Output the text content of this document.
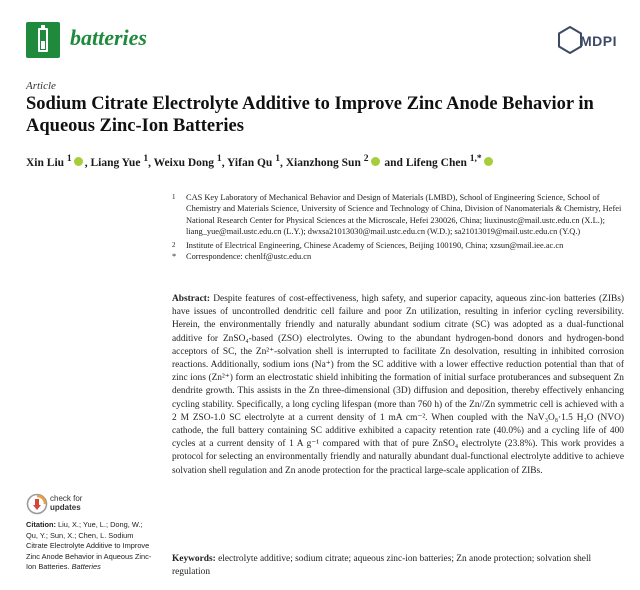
batteries	MDPI
Article
Sodium Citrate Electrolyte Additive to Improve Zinc Anode Behavior in Aqueous Zinc-Ion Batteries
Xin Liu $^1$ , Liang Yue $^1$, Weixu Dong $^1$, Yifan Qu $^1$, Xianzhong Sun $^2$ and Lifeng Chen $^{1,*}$
1 CAS Key Laboratory of Mechanical Behavior and Design of Materials (LMBD), School of Engineering Science, School of Chemistry and Materials Science, University of Science and Technology of China, Division of Nanomaterials & Chemistry, Hefei National Research Center for Physical Sciences at the Microscale, Hefei 230026, China; liuxinustc@mail.ustc.edu.cn (X.L.); liang_yue@mail.ustc.edu.cn (L.Y.); dwxsa21013030@mail.ustc.edu.cn (W.D.); sa21013019@mail.ustc.edu.cn (Y.Q.)
2 Institute of Electrical Engineering, Chinese Academy of Sciences, Beijing 100190, China; xzsun@mail.iee.ac.cn
* Correspondence: chenlf@ustc.edu.cn
Abstract: Despite features of cost-effectiveness, high safety, and superior capacity, aqueous zinc-ion batteries (ZIBs) have issues of uncontrolled dendritic cell failure and poor Zn utilization, resulting in inferior cycling reversibility. Herein, the environmentally friendly and naturally abundant sodium citrate (SC) was adopted as a dual-functional additive for ZnSO₄-based (ZSO) electrolytes. Owing to the abundant hydrogen-bond donors and hydrogen-bond acceptors of SC, the Zn²⁺-solvation shell is interrupted to facilitate Zn desolvation, resulting in inhibited corrosion reactions. Additionally, sodium ions (Na⁺) from the SC additive with a lower effective reduction potential than that of zinc ions (Zn²⁺) form an electrostatic shield inhibiting the formation of initial surface protuberances and subsequent Zn dendrite growth. This assists in the Zn three-dimensional (3D) diffusion and deposition, thereby effectively enhancing cycling stability. Specifically, a long cycling lifespan (more than 760 h) of the Zn//Zn symmetric cell is achieved with a 2 M ZSO-1.0 SC electrolyte at a current density of 1 mA cm⁻². When coupled with the NaV₃O₈·1.5 H₂O (NVO) cathode, the full battery containing SC additive exhibited a capacity retention rate (40.0%) and a cycling life of 400 cycles at a current density of 1 A g⁻¹ compared with that of pure ZnSO₄ electrolyte (23.8%). This work provides a protocol for selecting an environmentally friendly and naturally abundant dual-functional electrolyte additive to achieve solvation shell regulation and Zn anode protection for the practical large-scale application of ZIBs.
Keywords: electrolyte additive; sodium citrate; aqueous zinc-ion batteries; Zn anode protection; solvation shell regulation
check for
updates
Citation: Liu, X.; Yue, L.; Dong, W.; Qu, Y.; Sun, X.; Chen, L. Sodium Citrate Electrolyte Additive to Improve Zinc Anode Behavior in Aqueous Zinc-Ion Batteries. Batteries
